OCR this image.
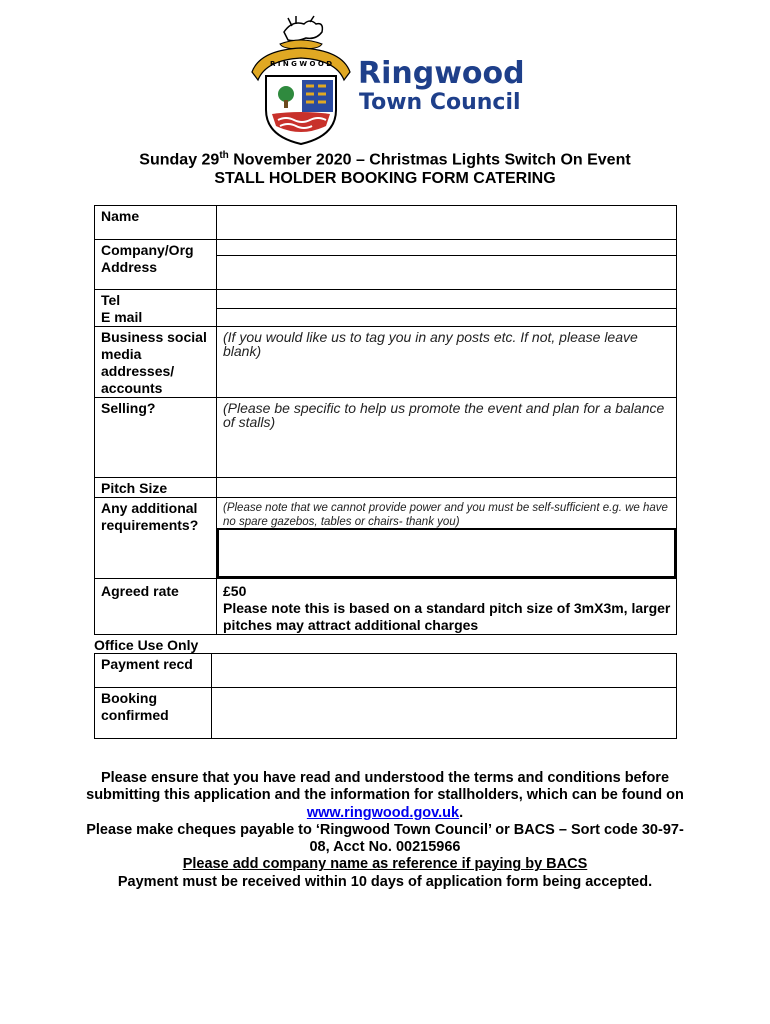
R I N G W O O D Ringwood
Town Council
Sunday 29th November 2020 – Christmas Lights Switch On Event
STALL HOLDER BOOKING FORM CATERING
Name	
Company/Org
Address	

Tel
E mail	

Business social media addresses/ accounts	(If you would like us to tag you in any posts etc. If not, please leave blank)
Selling?	(Please be specific to help us promote the event and plan for a balance of stalls)
Pitch Size	
Any additional requirements?	(Please note that we cannot provide power and you must be self-sufficient e.g. we have no spare gazebos, tables or chairs- thank you)

Agreed rate	£50
Please note this is based on a standard pitch size of 3mX3m, larger pitches may attract additional charges
Office Use Only
Payment recd	
Booking confirmed	
Please ensure that you have read and understood the terms and conditions before submitting this application and the information for stallholders, which can be found on www.ringwood.gov.uk.
Please make cheques payable to ‘Ringwood Town Council’ or BACS – Sort code 30-97-08, Acct No. 00215966
Please add company name as reference if paying by BACS
Payment must be received within 10 days of application form being accepted.
